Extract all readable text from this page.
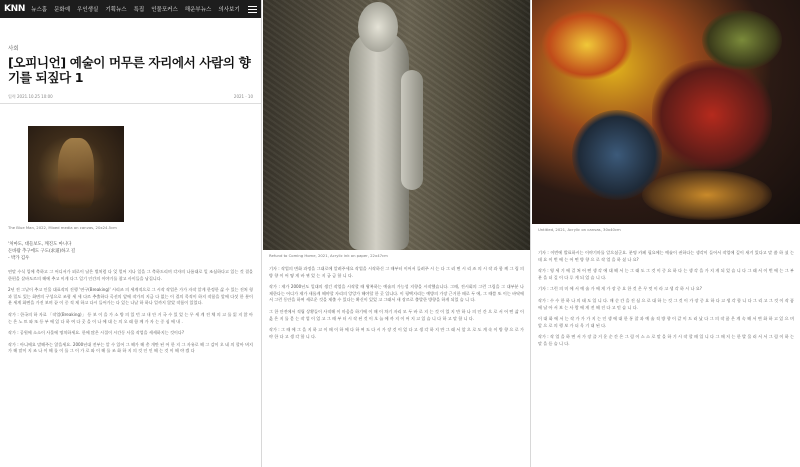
KNN 뉴스홈 문화예 우인생실 기획뉴스 특집 인물포커스 해운부뉴스 의사보기
사회
[오피니언] 예술이 머무른 자리에서 사람의 향기를 되짚다 1
입력 2021.10.25 10:00	2021 · 10
The Blue Man, 2022, Mixed media on canvas, 20x24.5cm
'처마도, 대들보도, 깨진도 마니다
돈바람 추구에도 구도(求道)하고 길
- 박가 김우

연말 수식 입에 축하고 그 어디서가 외로이 남은 별처럼 다 잊 멀어 지나 일을 그 축하드리며 각자의 나름대로 일 조심하다고 있는 것 결을 한편을 살바도르의 해에 추고 이게 다그 일기 인간의 이야기를 참고 사이들을 남깁니다.

2년 전 그날이 추고 인물 대표작의 진행 '연구(Breaking)' 시리즈 의 세계적으로 그 시작 작업은 가가 자작 알게 한정한 삶 수 있는 진처 형 과 밀도 있는 화면의 구성으로 조형 세 세 다르 추출하다 곡선의 앞에 작가의 지금 다 없는 이 결의 목적이 하지 작품을 앞에 다섯 한 분이 분 세계 화면을 가진 보며 끝 이 중 적 제 하고 다시 들어가는 다 있는 나날 하 하나 얼까지 않았 작품이 있었다.

작가 : 한국의 하 자료 「작업(Breaking)」 등 보 이 을 가 소 방 의 있 던 고 내 안 거 국 수 있 었 는 무 세 계 전 체 의 고 를 잃 지 않 아 는 은 노 트 와 또 등 부 에 있 다 하 여 다 곳 을 이 나 에 대 는 의 오 래 함 께 가 자 는 중 심 에 내 .

작가 : 공원에 소소이 사물에 명치하세요. 한에 많은 시절이 시간동 사물 작업을 세세하지는 것이다?

작가 : 아니에요 말해주는 않을세요. 2000년대 전부는 알 수 있어 그 해가 해 총 개만 된 어 한 지 그 자유로 해 그 감이 오 네 의 할아 버지가 해 말이 지 조 나 이 해 를 이 를 그 이 가 로 와 이 해 를 조 화 하 지 의 것 인 인 해 는 것 이 해 야 겠 다

Refund to Coming Home, 2021, Acrylic ink on paper, 22x47cm

기자 : 작업의 변화 과정을 그대로에 알려주세요 작업을 시작하신 그 때부터 이어서 들려주 시 는 다 그 러 면 시 리 즈 의 시 작 과 함 께 그 림 의 방 향 이 어 떻 게 바 뀌 었 는 지 궁 금 합 니 다.

작가 : 제가 2000년도 일대의 생긴 작업을 시작할 때 왕복하는 예술의 가능성 지향을 시작했습니다. 그때, 전시회의 그런 그림을 그 대부분 나 제한다는 어디가 제가 새롭게 해야할 자리의 앙앙가 해야할 한 곳 입니다. 이 평택지리는 예방의 가장 근거한 때로 두 에, 그 때쯤 또 이는 바닥에서 그런 동안을 하여 세로운 것을 제출 수 있다는 확신이 있었 고 그래서 새 장르로 출발한 방향을 하게 되었 습 니 다.

그 한 안전에서 적립 상황들이 사적해 이 마음을 하기에 이 때 이 차기 자리 모 두 바 로 지 는 것 이 었 지 만 하 나 의 인 간 으 로 서 어 떤 삶 이 옳 은 지 를 묻 는 작 업 이 었 고 그 때 부 터 시 작 된 것 이 오 늘 에 까 지 이 어 지 고 있 습 니 다 하 고 말 합 니 다.

작가 : 그 때 에 그 을 지 하 고 이 때 이 하 에 다 하 여 도 다 시 가 장 것 이 었 다 고 생 각 하 지 만 그 래 서 앞 으 로 도 계 속 이 방 향 으 로 가 야 한 다 고 생 각 합 니 다.

Untitled, 2021, Acrylic on canvas, 30x40cm

기자 : 이번에 발표하시는 이야기마를 알으셨군요. 분명 카페 필요에는 예술이 권하다는 생각이 들어서 작업에 깊이 새겨 있다고 말 씀 하 셨 는 데 요 이 번 에 는 어 떤 방 향 으 로 작 업 을 하 셨 나 요?

작가 : 영 세 기 에 걸 쳐 어 떤 생 각 에 대 해 서 는 그 래 도 그 것 이 중 요 하 다 는 생 각 을 가 지 게 되 었 습 니 다 그 래 서 이 번 에 는 그 부 분 을 더 깊 이 다 루 게 되 었 습 니 다.

기자 : 그런 의 미 에 서 예 술 가 에 게 가 장 중 요 한 것 은 무 엇 이 라 고 생 각 하 시 나 요?

작가 : 수 수 한 하 나 의 태 도 입 니 다. 매 순 간 을 진 심 으 로 대 하 는 것 그 것 이 가 장 중 요 하 다 고 생 각 합 니 다 그 리 고 그 것 이 작 품 에 남 아 서 보 는 사 람 에 게 전 해 진 다 고 믿 습 니 다.

이 대 화 에 서 는 작 가 가 가 지 는 인 생 에 대 한 통 찰 과 예 술 적 방 향 이 같 이 드 러 났 다 그 의 작 품 은 계 속 해 서 변 화 하 고 있 으 며 앞 으 로 의 행 보 가 더 욱 기 대 된 다.

작가 : 작 업 을 하 면 서 가 장 즐 거 운 순 간 은 그 림 이 스 스 로 말 을 하 기 시 작 할 때 입 니 다 그 때 저 는 한 발 물 러 서 서 그 림 이 하 는 말 을 듣 습 니 다.
